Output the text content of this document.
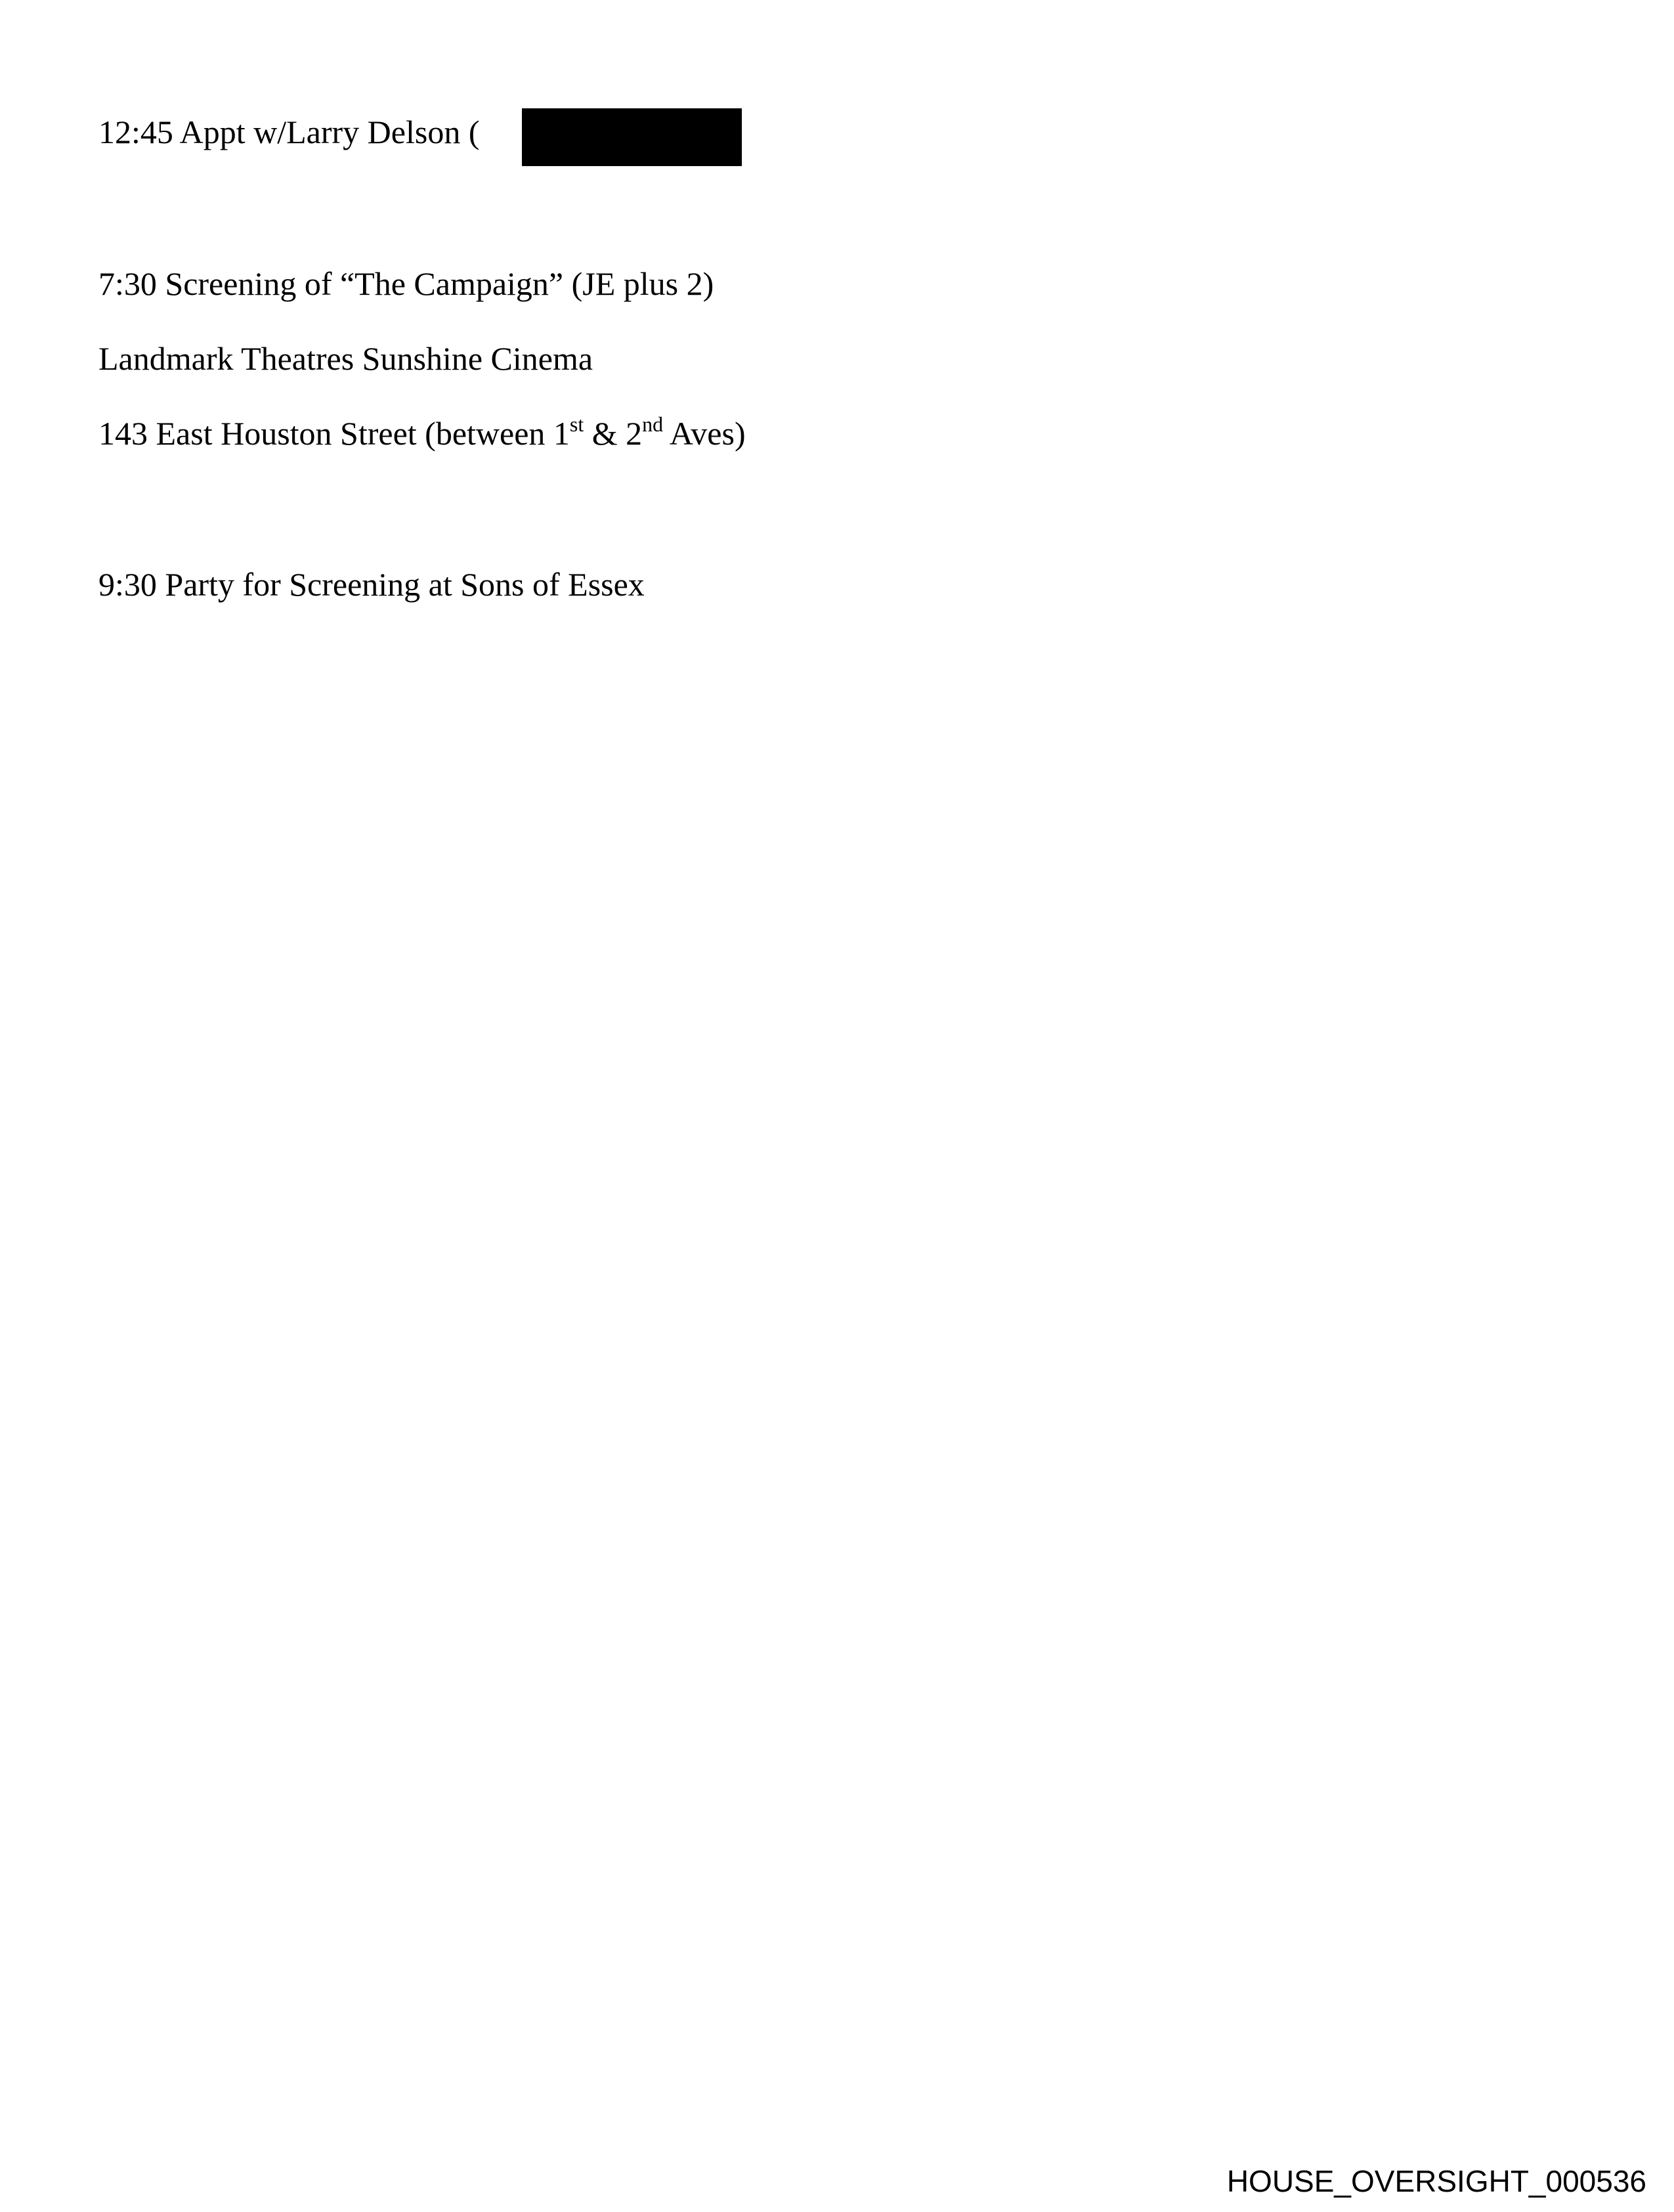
12:45 Appt w/Larry Delson (
7:30 Screening of “The Campaign” (JE plus 2)
Landmark Theatres Sunshine Cinema
143 East Houston Street (between 1st & 2nd Aves)
9:30 Party for Screening at Sons of Essex
HOUSE_OVERSIGHT_000536
